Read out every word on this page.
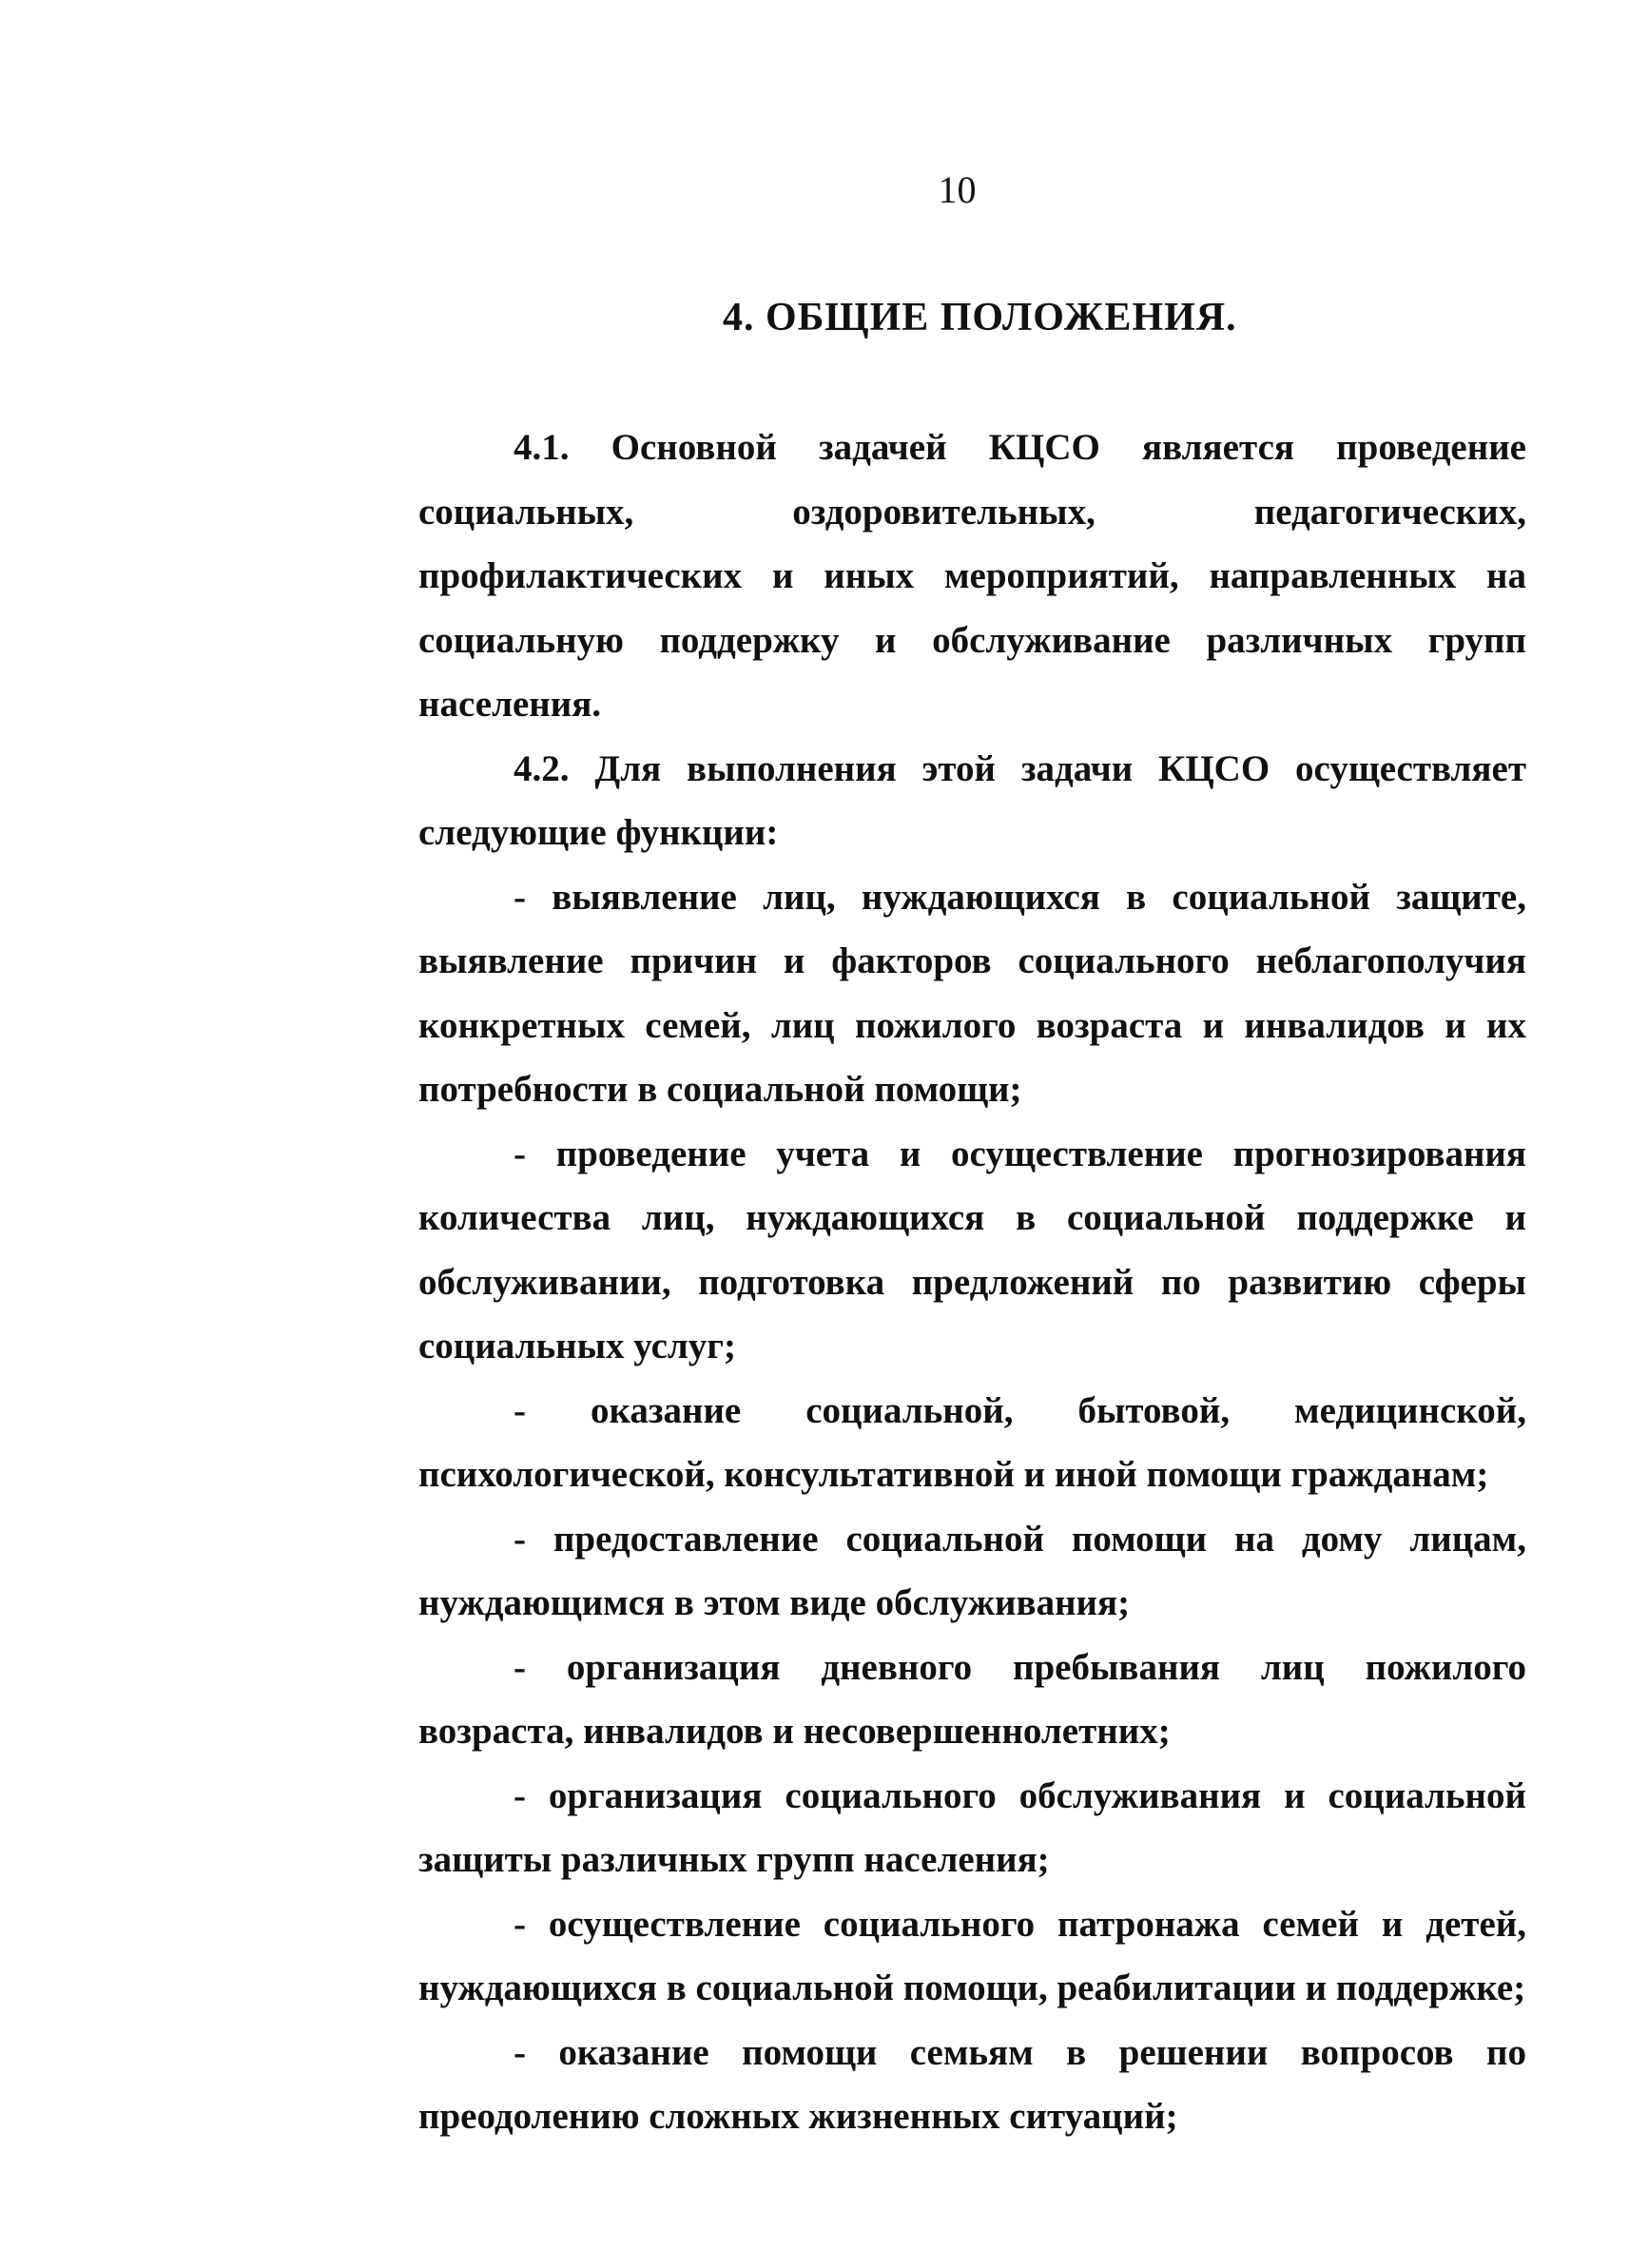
10
4. ОБЩИЕ ПОЛОЖЕНИЯ.

4.1. Основной задачей КЦСО является проведение социальных, оздоровительных, педагогических, профилактических и иных мероприятий, направленных на социальную поддержку и обслуживание различных групп населения.

4.2. Для выполнения этой задачи КЦСО осуществляет следующие функции:

- выявление лиц, нуждающихся в социальной защите, выявление причин и факторов социального неблагополучия конкретных семей, лиц пожилого возраста и инвалидов и их потребности в социальной помощи;

- проведение учета и осуществление прогнозирования количества лиц, нуждающихся в социальной поддержке и обслуживании, подготовка предложений по развитию сферы социальных услуг;

- оказание социальной, бытовой, медицинской, психологической, консультативной и иной помощи гражданам;

- предоставление социальной помощи на дому лицам, нуждающимся в этом виде обслуживания;

- организация дневного пребывания лиц пожилого возраста, инвалидов и несовершеннолетних;

- организация социального обслуживания и социальной защиты различных групп населения;

- осуществление социального патронажа семей и детей, нуждающихся в социальной помощи, реабилитации и поддержке;

- оказание помощи семьям в решении вопросов по преодолению сложных жизненных ситуаций;
